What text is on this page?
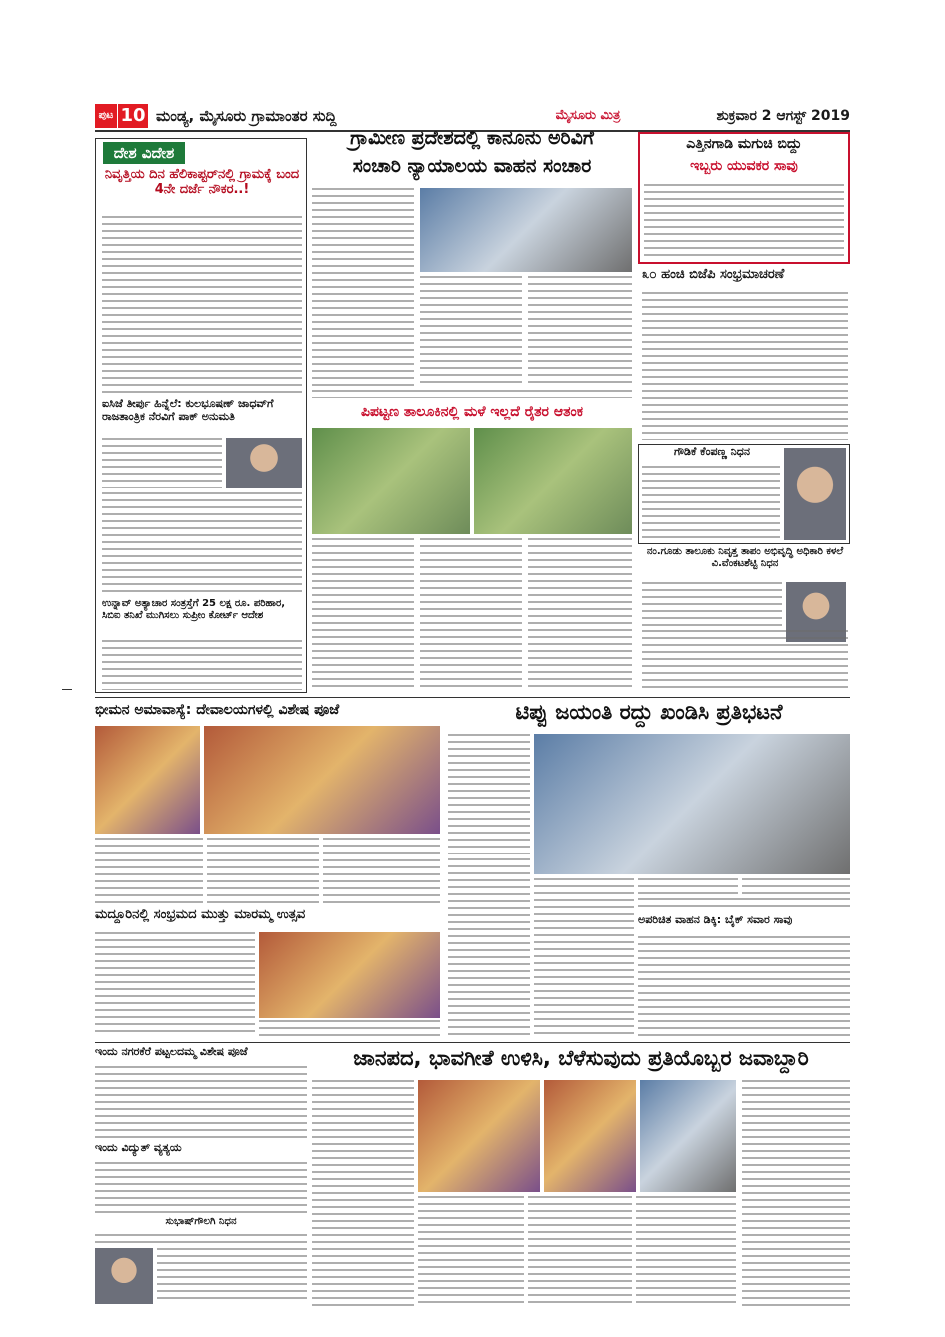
ಪುಟ 10 ಮಂಡ್ಯ, ಮೈಸೂರು ಗ್ರಾಮಾಂತರ ಸುದ್ದಿ	ಮೈಸೂರು ಮಿತ್ರ	ಶುಕ್ರವಾರ 2 ಆಗಸ್ಟ್ 2019
ದೇಶ ವಿದೇಶ
ನಿವೃತ್ತಿಯ ದಿನ ಹೆಲಿಕಾಪ್ಟರ್‌ನಲ್ಲಿ ಗ್ರಾಮಕ್ಕೆ ಬಂದ 4ನೇ ದರ್ಜೆ ನೌಕರ..!
ಐಸಿಜೆ ತೀರ್ಪು ಹಿನ್ನೆಲೆ: ಕುಲಭೂಷಣ್ ಜಾಧವ್‌ಗೆ ರಾಜತಾಂತ್ರಿಕ ನೆರವಿಗೆ ಪಾಕ್ ಅನುಮತಿ
ಉನ್ನಾವ್ ಅತ್ಯಾಚಾರ ಸಂತ್ರಸ್ತೆಗೆ 25 ಲಕ್ಷ ರೂ. ಪರಿಹಾರ, ಸಿಬಿಐ ತನಿಖೆ ಮುಗಿಸಲು ಸುಪ್ರೀಂ ಕೋರ್ಟ್ ಆದೇಶ
ಗ್ರಾಮೀಣ ಪ್ರದೇಶದಲ್ಲಿ ಕಾನೂನು ಅರಿವಿಗೆ
ಸಂಚಾರಿ ನ್ಯಾಯಾಲಯ ವಾಹನ ಸಂಚಾರ
ಎತ್ತಿನಗಾಡಿ ಮಗುಚಿ ಬಿದ್ದು
ಇಬ್ಬರು ಯುವಕರ ಸಾವು
೩೦ ಹಂಚಿ ಬಿಜೆಪಿ ಸಂಭ್ರಮಾಚರಣೆ
ಗೌಡಿಕೆ ಕೆಂಪಣ್ಣ ನಿಧನ
ನಂ.ಗೂಡು ತಾಲೂಕು ನಿವೃತ್ತ ತಾಪಂ ಅಭಿವೃದ್ಧಿ ಅಧಿಕಾರಿ ಕಳಲೆ ವಿ.ವೆಂಕಟಶೆಟ್ಟಿ ನಿಧನ
ಪಿಪಟ್ಟಣ ತಾಲೂಕಿನಲ್ಲಿ ಮಳೆ ಇಲ್ಲದೆ ರೈತರ ಆತಂಕ
ಭೀಮನ ಅಮಾವಾಸ್ಯೆ: ದೇವಾಲಯಗಳಲ್ಲಿ ವಿಶೇಷ ಪೂಜೆ
ಮದ್ದೂರಿನಲ್ಲಿ ಸಂಭ್ರಮದ ಮುತ್ತು ಮಾರಮ್ಮ ಉತ್ಸವ
ಟಿಪ್ಪು ಜಯಂತಿ ರದ್ದು ಖಂಡಿಸಿ ಪ್ರತಿಭಟನೆ
ಅಪರಿಚಿತ ವಾಹನ ಡಿಕ್ಕಿ: ಬೈಕ್ ಸವಾರ ಸಾವು
ಇಂದು ನಗರಕೆರೆ ಪಟ್ಟಲದಮ್ಮ ವಿಶೇಷ ಪೂಜೆ
ಇಂದು ವಿದ್ಯುತ್ ವ್ಯತ್ಯಯ
ಸುಭಾಷ್‌ಗೌಲಗಿ ನಿಧನ
ಜಾನಪದ, ಭಾವಗೀತೆ ಉಳಿಸಿ, ಬೆಳೆಸುವುದು ಪ್ರತಿಯೊಬ್ಬರ ಜವಾಬ್ದಾರಿ
